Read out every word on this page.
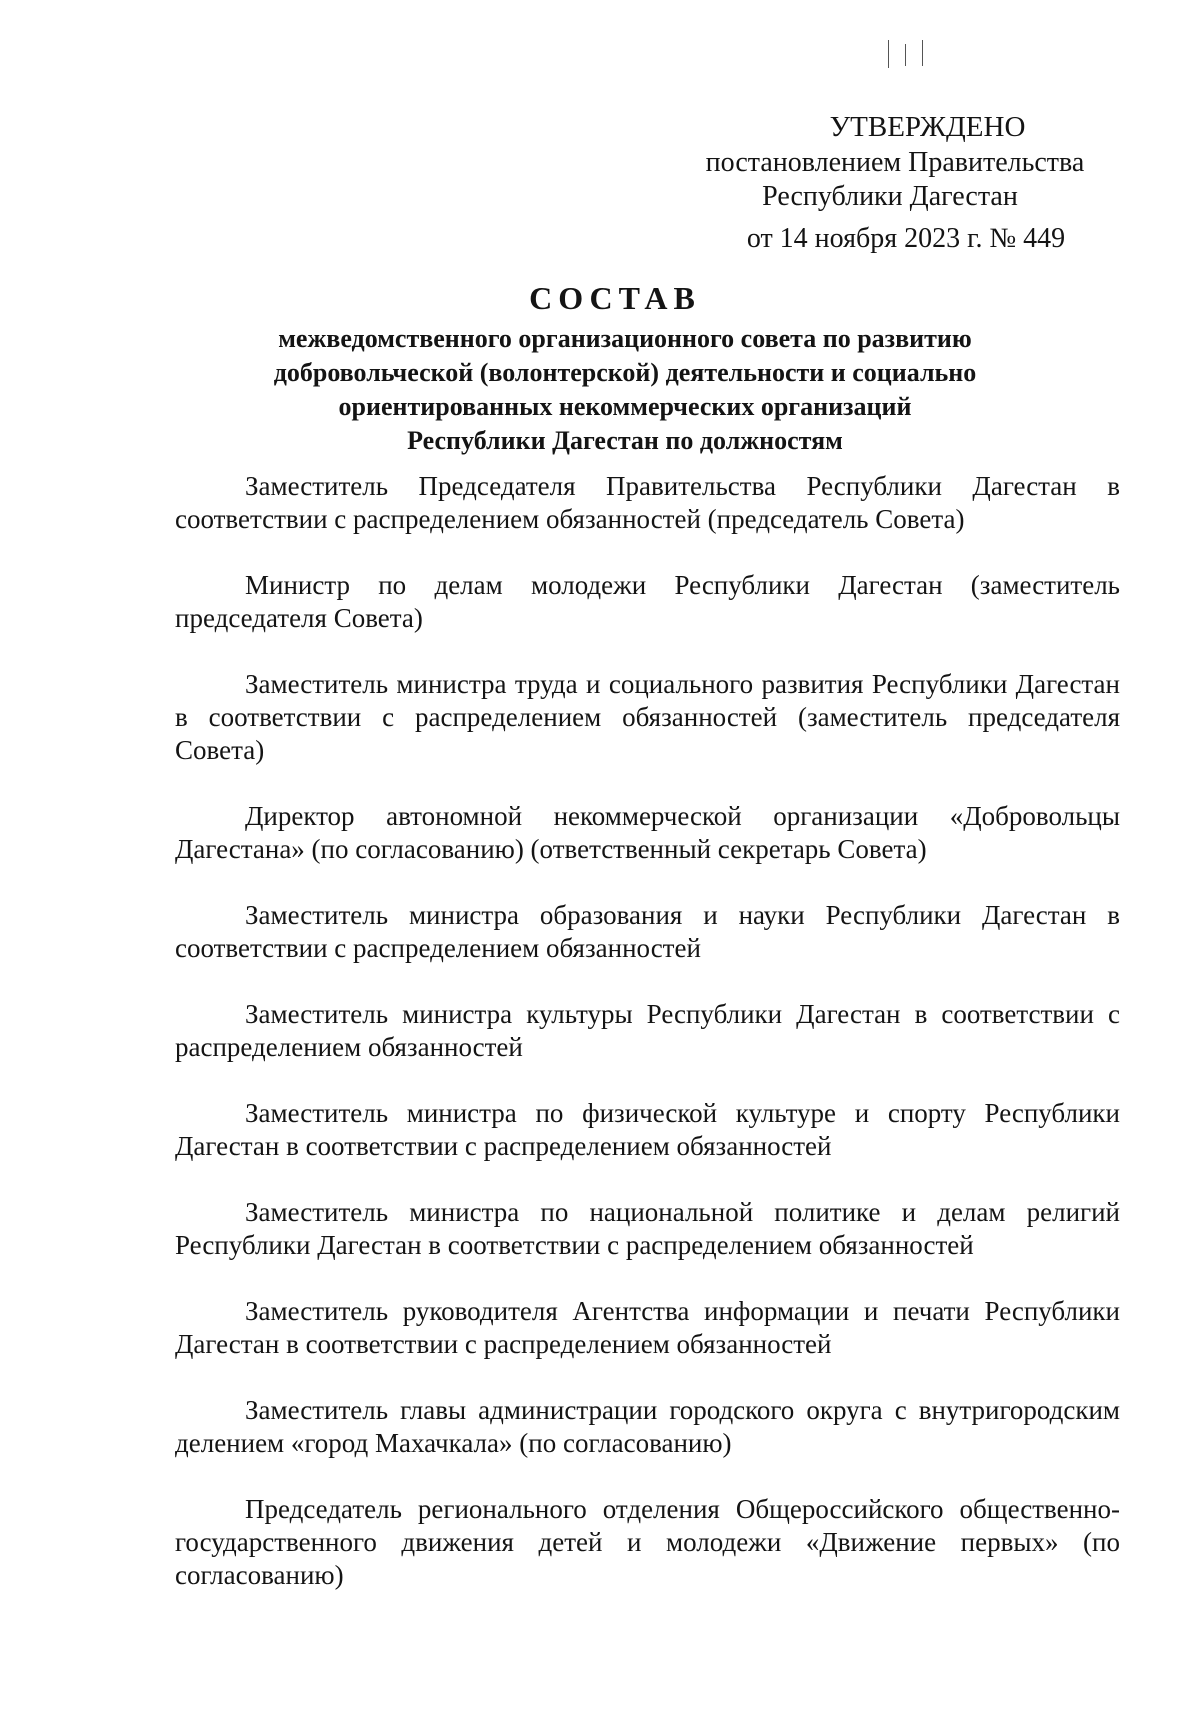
УТВЕРЖДЕНО
постановлением Правительства
Республики Дагестан
от 14 ноября 2023 г. № 449
СОСТАВ
межведомственного организационного совета по развитию
добровольческой (волонтерской) деятельности и социально
ориентированных некоммерческих организаций
Республики Дагестан по должностям
Заместитель Председателя Правительства Республики Дагестан в соответствии с распределением обязанностей (председатель Совета)
Министр по делам молодежи Республики Дагестан (заместитель председателя Совета)
Заместитель министра труда и социального развития Республики Дагестан в соответствии с распределением обязанностей (заместитель председателя Совета)
Директор автономной некоммерческой организации «Добровольцы Дагестана» (по согласованию) (ответственный секретарь Совета)
Заместитель министра образования и науки Республики Дагестан в соответствии с распределением обязанностей
Заместитель министра культуры Республики Дагестан в соответствии с распределением обязанностей
Заместитель министра по физической культуре и спорту Республики Дагестан в соответствии с распределением обязанностей
Заместитель министра по национальной политике и делам религий Республики Дагестан в соответствии с распределением обязанностей
Заместитель руководителя Агентства информации и печати Республики Дагестан в соответствии с распределением обязанностей
Заместитель главы администрации городского округа с внутригородским делением «город Махачкала» (по согласованию)
Председатель регионального отделения Общероссийского общественно-государственного движения детей и молодежи «Движение первых» (по согласованию)
